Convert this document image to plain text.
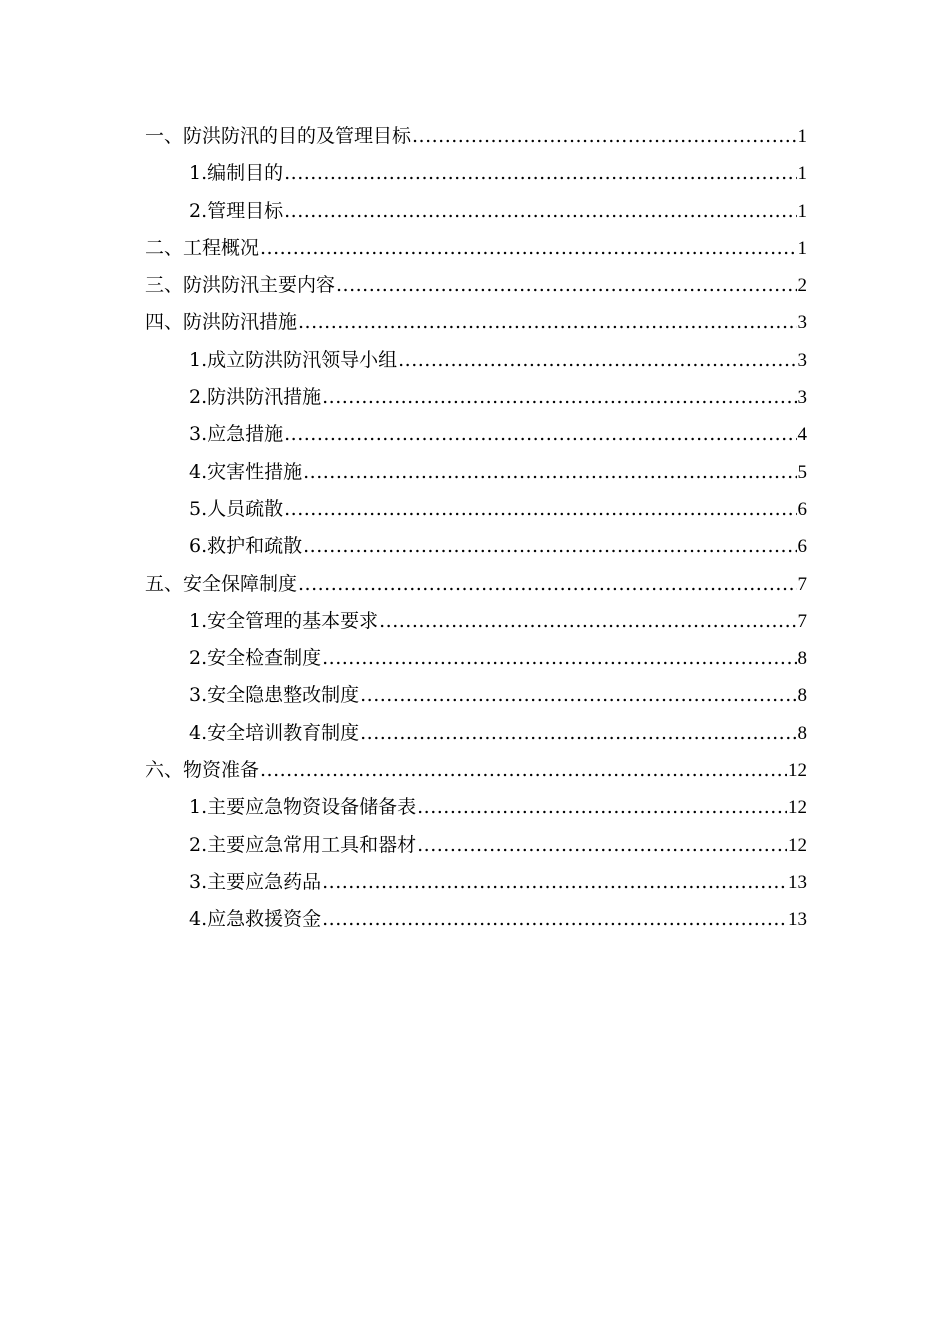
一、防洪防汛的目的及管理目标 .....	1
1.编制目的 .....	1
2.管理目标 .....	1
二、工程概况 .....	1
三、防洪防汛主要内容 .....	2
四、防洪防汛措施 .....	3
1.成立防洪防汛领导小组 .....	3
2.防洪防汛措施 .....	3
3.应急措施 .....	4
4.灾害性措施 .....	5
5.人员疏散 .....	6
6.救护和疏散 .....	6
五、安全保障制度 .....	7
1.安全管理的基本要求 .....	7
2.安全检查制度 .....	8
3.安全隐患整改制度 .....	8
4.安全培训教育制度 .....	8
六、物资准备 .....	12
1.主要应急物资设备储备表 .....	12
2.主要应急常用工具和器材 .....	12
3.主要应急药品 .....	13
4.应急救援资金 .....	13
